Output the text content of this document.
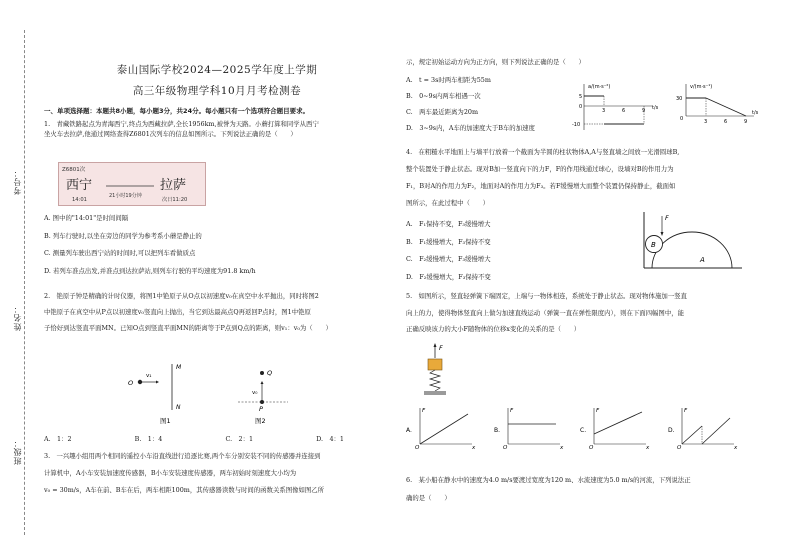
考号：
姓名：
班级：
泰山国际学校2024—2025学年度上学期
高三年级物理学科10月月考检测卷
一、单项选择题：本题共8小题，每小题3分，共24分。每小题只有一个选项符合题目要求。
1.　青藏铁路起点为青海西宁,终点为西藏拉萨,全长1956km,被誉为天路。小蘑打算和同学从西宁
坐火车去拉萨,他通过网络查得Z6801次列车的信息如图所示。下列说法正确的是（　　）
Z6801次
西宁	拉萨
14:01
21小时19分钟
次日11:20
A. 图中的"14:01"是时间间隔
B. 列车行驶时,以坐在旁边的同学为参考系小蘑是静止的
C. 测量列车驶出西宁站的时间时,可以把列车看做质点
D. 若列车准点出发,并准点到达拉萨站,则列车行驶的平均速度为91.8 km/h
2.　铯原子钟是精确的计时仪器，将图1中铯原子从O点以初速度v₀在真空中水平抛出，同时将图2
中铯原子在真空中从P点以初速度v₀竖直向上抛出，当它到达最高点Q再返回P点时，图1中铯原
子恰好到达竖直平面MN。已知O点到竖直平面MN的距离等于P点到Q点的距离，则v₁：v₀为（　　）
O
v₁
M
N
图1
Q
v₀
P
图2
A.　1：2	B.　1：4	C.　2：1	D.　4：1
3.　一兴趣小组用两个相同的遥控小车沿直线进行追逐比赛,两个车分别安装不同的传感器并连接到
计算机中，A小车安装加速度传感器，B小车安装速度传感器，两车初始时刻速度大小均为
v₀ = 30m/s，A车在前、B车在后，两车相距100m，其传感器读数与时间的函数关系图像如图乙所
示，规定初始运动方向为正方向，则下列说法正确的是（　　）
A.　t = 3s时两车相距为55m
B.　0~9s内两车相遇一次
C.　两车最近距离为20m
D.　3~9s内，A车的加速度大于B车的加速度
a/(m·s⁻²)
t/s
5
0
-10
3	6	9
v/(m·s⁻¹)
t/s
30
0	3	6	9
4.　在粗糙水平地面上与墙平行放着一个截面为半圆的柱状物体A,A与竖直墙之间放一光滑圆球B,
整个装置处于静止状态。现对B加一竖直向下的力F，F的作用线通过球心，设墙对B的作用力为
F₁，B对A的作用力为F₂，地面对A的作用力为F₃。若F缓慢增大而整个装置仍保持静止，截面如
图所示，在此过程中（　　）
A.　F₁保持不变，F₃缓慢增大
B.　F₁缓慢增大，F₃保持不变
C.　F₂缓慢增大，F₃缓慢增大
D.　F₂缓慢增大，F₃保持不变
B
F
A
5.　如图所示，竖直轻弹簧下端固定，上端与一物体相连，系统处于静止状态。现对物体施加一竖直
向上的力，使得物体竖直向上做匀加速直线运动（弹簧一直在弹性限度内），则在下面四幅图中，能
正确反映该力的大小F随物体的位移x变化的关系的是（　　）
F
A.
F
x
O
B.
F
x
O
C.
F
x
O
D.
F
x
O
6.　某小船在静水中的速度为4.0 m/s要渡过宽度为120 m、水流速度为5.0 m/s的河流，下列说法正
确的是（　　）
